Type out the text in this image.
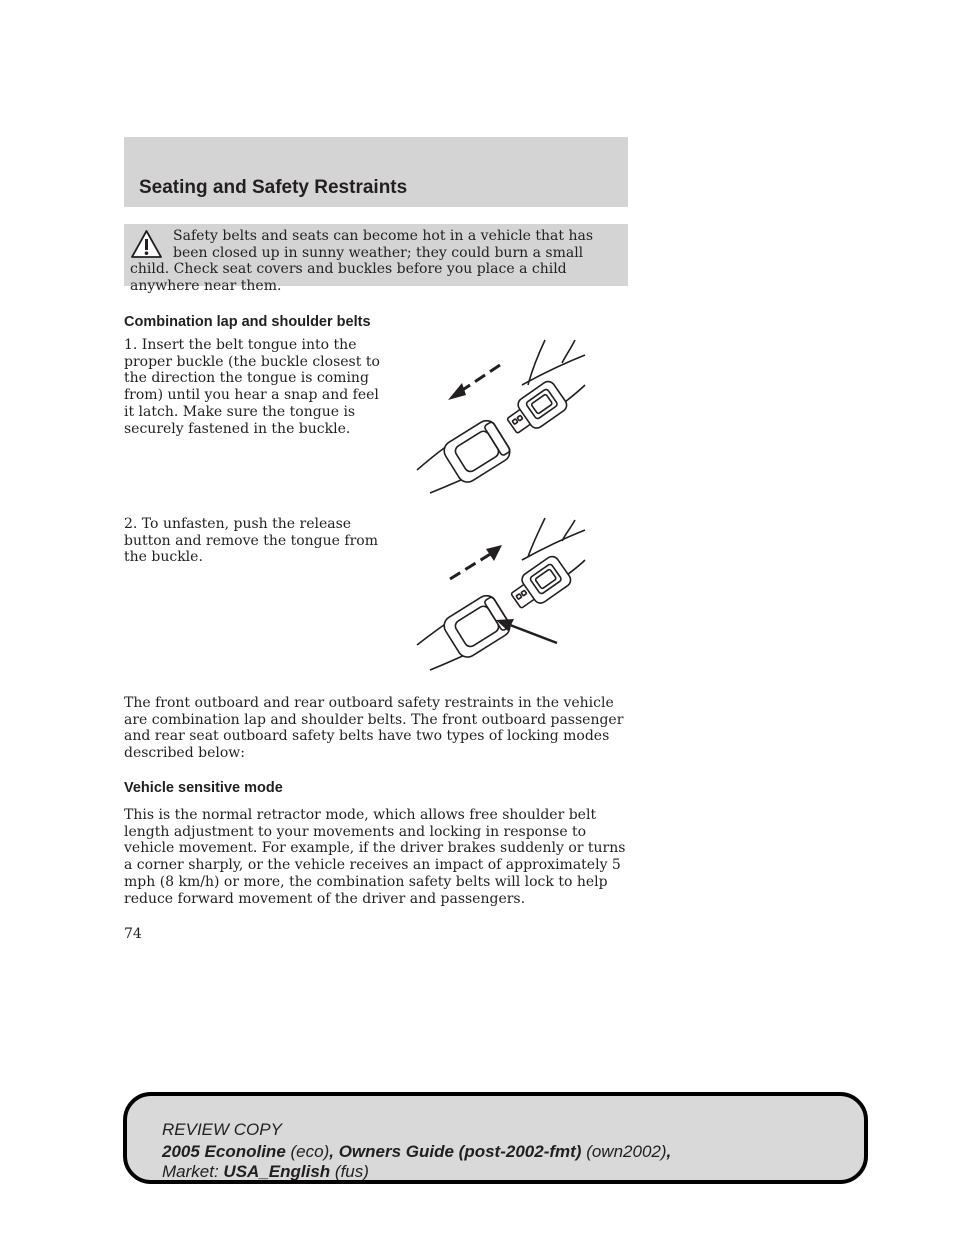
Seating and Safety Restraints

Safety belts and seats can become hot in a vehicle that has been closed up in sunny weather; they could burn a small child. Check seat covers and buckles before you place a child anywhere near them.

Combination lap and shoulder belts

1. Insert the belt tongue into the proper buckle (the buckle closest to the direction the tongue is coming from) until you hear a snap and feel it latch. Make sure the tongue is securely fastened in the buckle.

2. To unfasten, push the release button and remove the tongue from the buckle.

The front outboard and rear outboard safety restraints in the vehicle are combination lap and shoulder belts. The front outboard passenger and rear seat outboard safety belts have two types of locking modes described below:

Vehicle sensitive mode

This is the normal retractor mode, which allows free shoulder belt length adjustment to your movements and locking in response to vehicle movement. For example, if the driver brakes suddenly or turns a corner sharply, or the vehicle receives an impact of approximately 5 mph (8 km/h) or more, the combination safety belts will lock to help reduce forward movement of the driver and passengers.

74
REVIEW COPY
2005 Econoline (eco), Owners Guide (post-2002-fmt) (own2002),
Market: USA_English (fus)
